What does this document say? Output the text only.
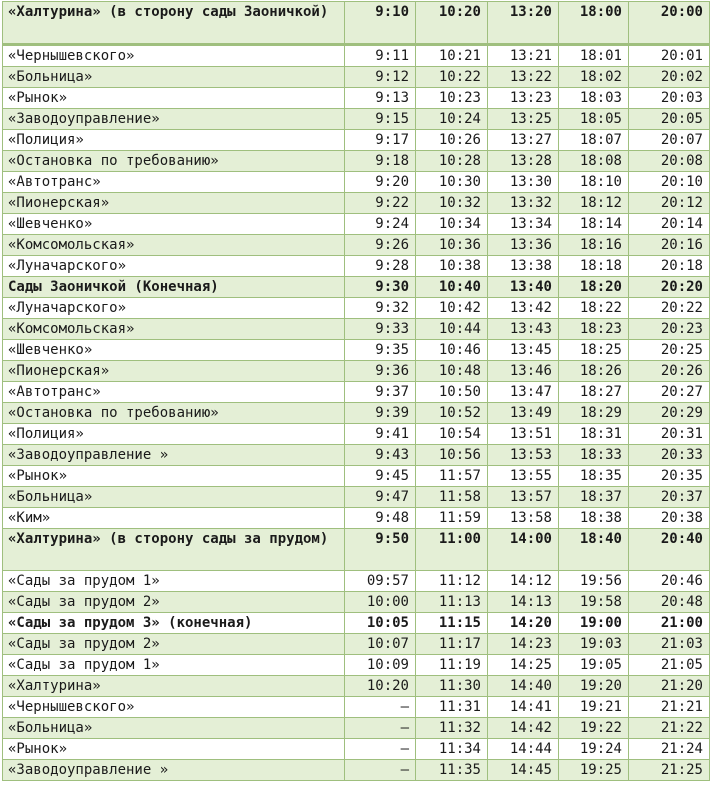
«Халтурина» (в сторону сады Заоничкой)	9:10	10:20	13:20	18:00	20:00
«Чернышевского»	9:11	10:21	13:21	18:01	20:01
«Больница»	9:12	10:22	13:22	18:02	20:02
«Рынок»	9:13	10:23	13:23	18:03	20:03
«Заводоуправление»	9:15	10:24	13:25	18:05	20:05
«Полиция»	9:17	10:26	13:27	18:07	20:07
«Остановка по требованию»	9:18	10:28	13:28	18:08	20:08
«Автотранс»	9:20	10:30	13:30	18:10	20:10
«Пионерская»	9:22	10:32	13:32	18:12	20:12
«Шевченко»	9:24	10:34	13:34	18:14	20:14
«Комсомольская»	9:26	10:36	13:36	18:16	20:16
«Луначарского»	9:28	10:38	13:38	18:18	20:18
Сады Заоничкой (Конечная)	9:30	10:40	13:40	18:20	20:20
«Луначарского»	9:32	10:42	13:42	18:22	20:22
«Комсомольская»	9:33	10:44	13:43	18:23	20:23
«Шевченко»	9:35	10:46	13:45	18:25	20:25
«Пионерская»	9:36	10:48	13:46	18:26	20:26
«Автотранс»	9:37	10:50	13:47	18:27	20:27
«Остановка по требованию»	9:39	10:52	13:49	18:29	20:29
«Полиция»	9:41	10:54	13:51	18:31	20:31
«Заводоуправление »	9:43	10:56	13:53	18:33	20:33
«Рынок»	9:45	11:57	13:55	18:35	20:35
«Больница»	9:47	11:58	13:57	18:37	20:37
«Ким»	9:48	11:59	13:58	18:38	20:38
«Халтурина» (в сторону сады за прудом)	9:50	11:00	14:00	18:40	20:40
«Сады за прудом 1»	09:57	11:12	14:12	19:56	20:46
«Сады за прудом 2»	10:00	11:13	14:13	19:58	20:48
«Сады за прудом 3» (конечная)	10:05	11:15	14:20	19:00	21:00
«Сады за прудом 2»	10:07	11:17	14:23	19:03	21:03
«Сады за прудом 1»	10:09	11:19	14:25	19:05	21:05
«Халтурина»	10:20	11:30	14:40	19:20	21:20
«Чернышевского»	–	11:31	14:41	19:21	21:21
«Больница»	–	11:32	14:42	19:22	21:22
«Рынок»	–	11:34	14:44	19:24	21:24
«Заводоуправление »	–	11:35	14:45	19:25	21:25
